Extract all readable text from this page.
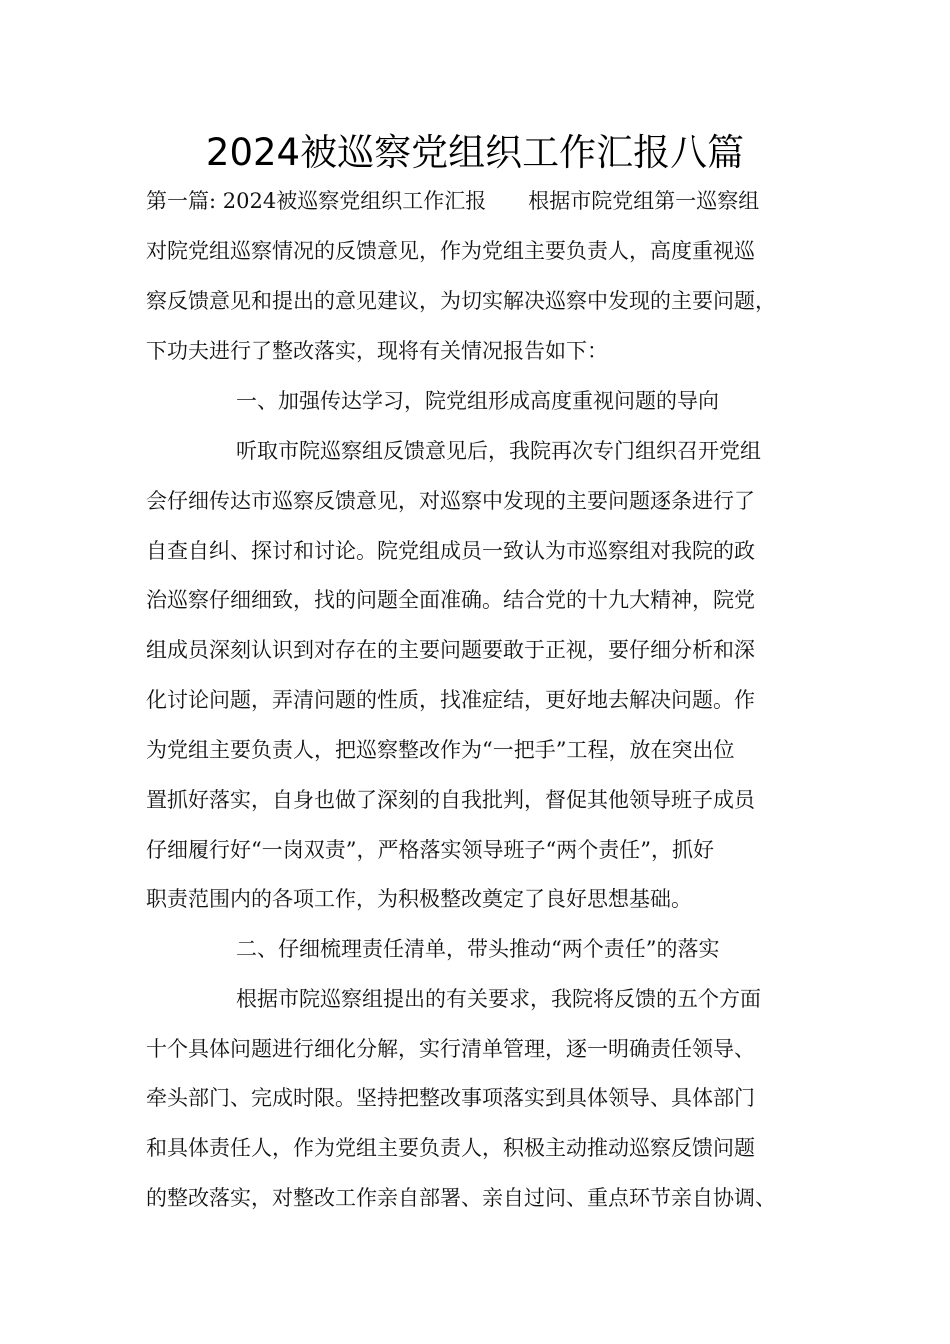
2024被巡察党组织工作汇报八篇
第一篇: 2024被巡察党组织工作汇报　　根据市院党组第一巡察组
对院党组巡察情况的反馈意见，作为党组主要负责人，高度重视巡
察反馈意见和提出的意见建议，为切实解决巡察中发现的主要问题，
下功夫进行了整改落实，现将有关情况报告如下：
一、加强传达学习，院党组形成高度重视问题的导向
听取市院巡察组反馈意见后，我院再次专门组织召开党组
会仔细传达市巡察反馈意见，对巡察中发现的主要问题逐条进行了
自查自纠、探讨和讨论。院党组成员一致认为市巡察组对我院的政
治巡察仔细细致，找的问题全面准确。结合党的十九大精神，院党
组成员深刻认识到对存在的主要问题要敢于正视，要仔细分析和深
化讨论问题，弄清问题的性质，找准症结，更好地去解决问题。作
为党组主要负责人，把巡察整改作为“一把手”工程，放在突出位
置抓好落实，自身也做了深刻的自我批判，督促其他领导班子成员
仔细履行好“一岗双责”，严格落实领导班子“两个责任”，抓好
职责范围内的各项工作，为积极整改奠定了良好思想基础。
二、仔细梳理责任清单，带头推动“两个责任”的落实
根据市院巡察组提出的有关要求，我院将反馈的五个方面
十个具体问题进行细化分解，实行清单管理，逐一明确责任领导、
牵头部门、完成时限。坚持把整改事项落实到具体领导、具体部门
和具体责任人，作为党组主要负责人，积极主动推动巡察反馈问题
的整改落实，对整改工作亲自部署、亲自过问、重点环节亲自协调、
